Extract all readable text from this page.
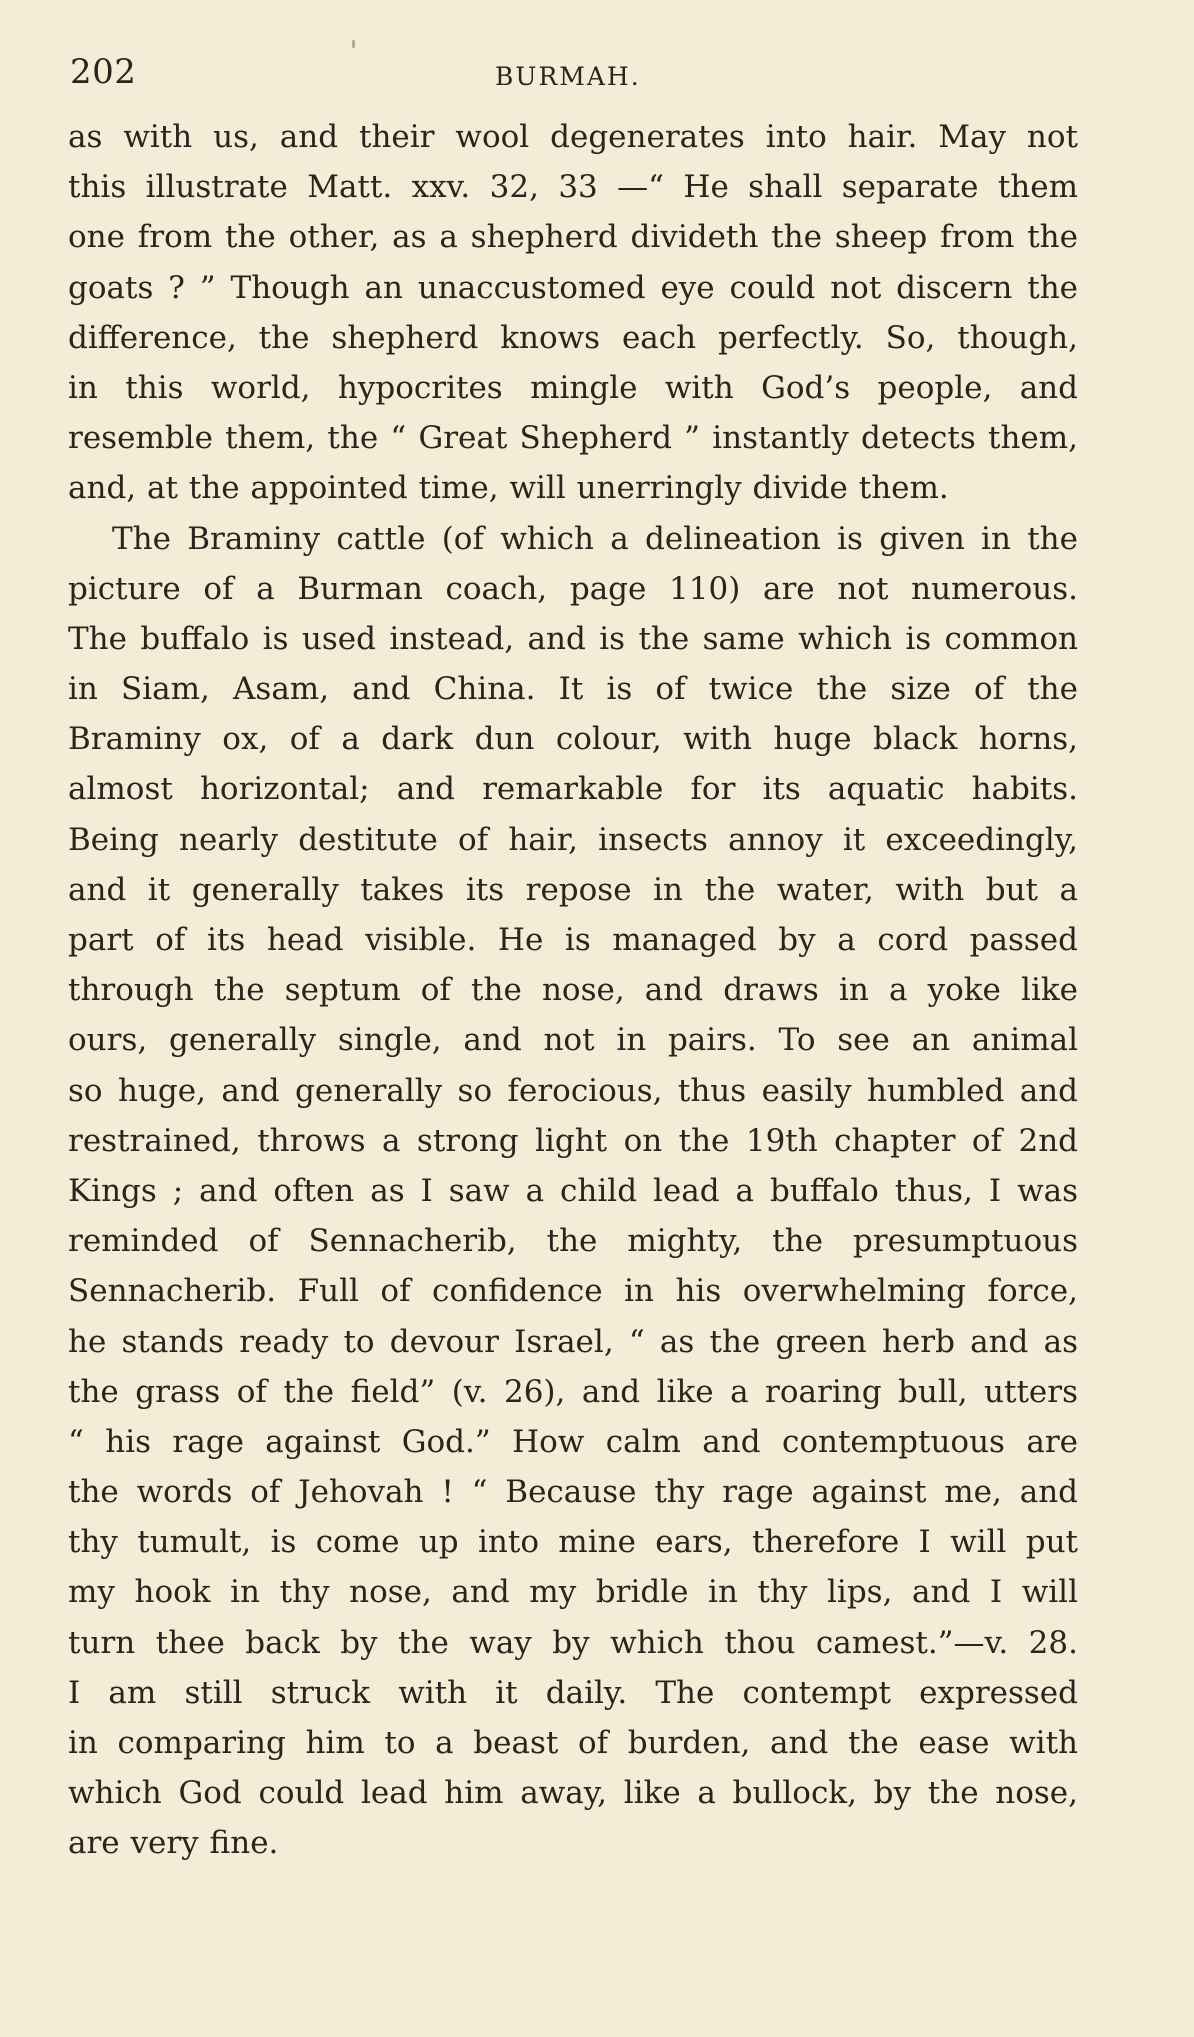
202	BURMAH.
as with us, and their wool degenerates into hair. May not
this illustrate Matt. xxv. 32, 33 —“ He shall separate them
one from the other, as a shepherd divideth the sheep from the
goats ? ” Though an unaccustomed eye could not discern the
difference, the shepherd knows each perfectly. So, though,
in this world, hypocrites mingle with God’s people, and
resemble them, the “ Great Shepherd ” instantly detects them,
and, at the appointed time, will unerringly divide them.
The Braminy cattle (of which a delineation is given in the
picture of a Burman coach, page 110) are not numerous.
The buffalo is used instead, and is the same which is common
in Siam, Asam, and China. It is of twice the size of the
Braminy ox, of a dark dun colour, with huge black horns,
almost horizontal; and remarkable for its aquatic habits.
Being nearly destitute of hair, insects annoy it exceedingly,
and it generally takes its repose in the water, with but a
part of its head visible. He is managed by a cord passed
through the septum of the nose, and draws in a yoke like
ours, generally single, and not in pairs. To see an animal
so huge, and generally so ferocious, thus easily humbled and
restrained, throws a strong light on the 19th chapter of 2nd
Kings ; and often as I saw a child lead a buffalo thus, I was
reminded of Sennacherib, the mighty, the presumptuous
Sennacherib. Full of confidence in his overwhelming force,
he stands ready to devour Israel, “ as the green herb and as
the grass of the field” (v. 26), and like a roaring bull, utters
“ his rage against God.” How calm and contemptuous are
the words of Jehovah ! “ Because thy rage against me, and
thy tumult, is come up into mine ears, therefore I will put
my hook in thy nose, and my bridle in thy lips, and I will
turn thee back by the way by which thou camest.”—v. 28.
I am still struck with it daily. The contempt expressed
in comparing him to a beast of burden, and the ease with
which God could lead him away, like a bullock, by the nose,
are very fine.
